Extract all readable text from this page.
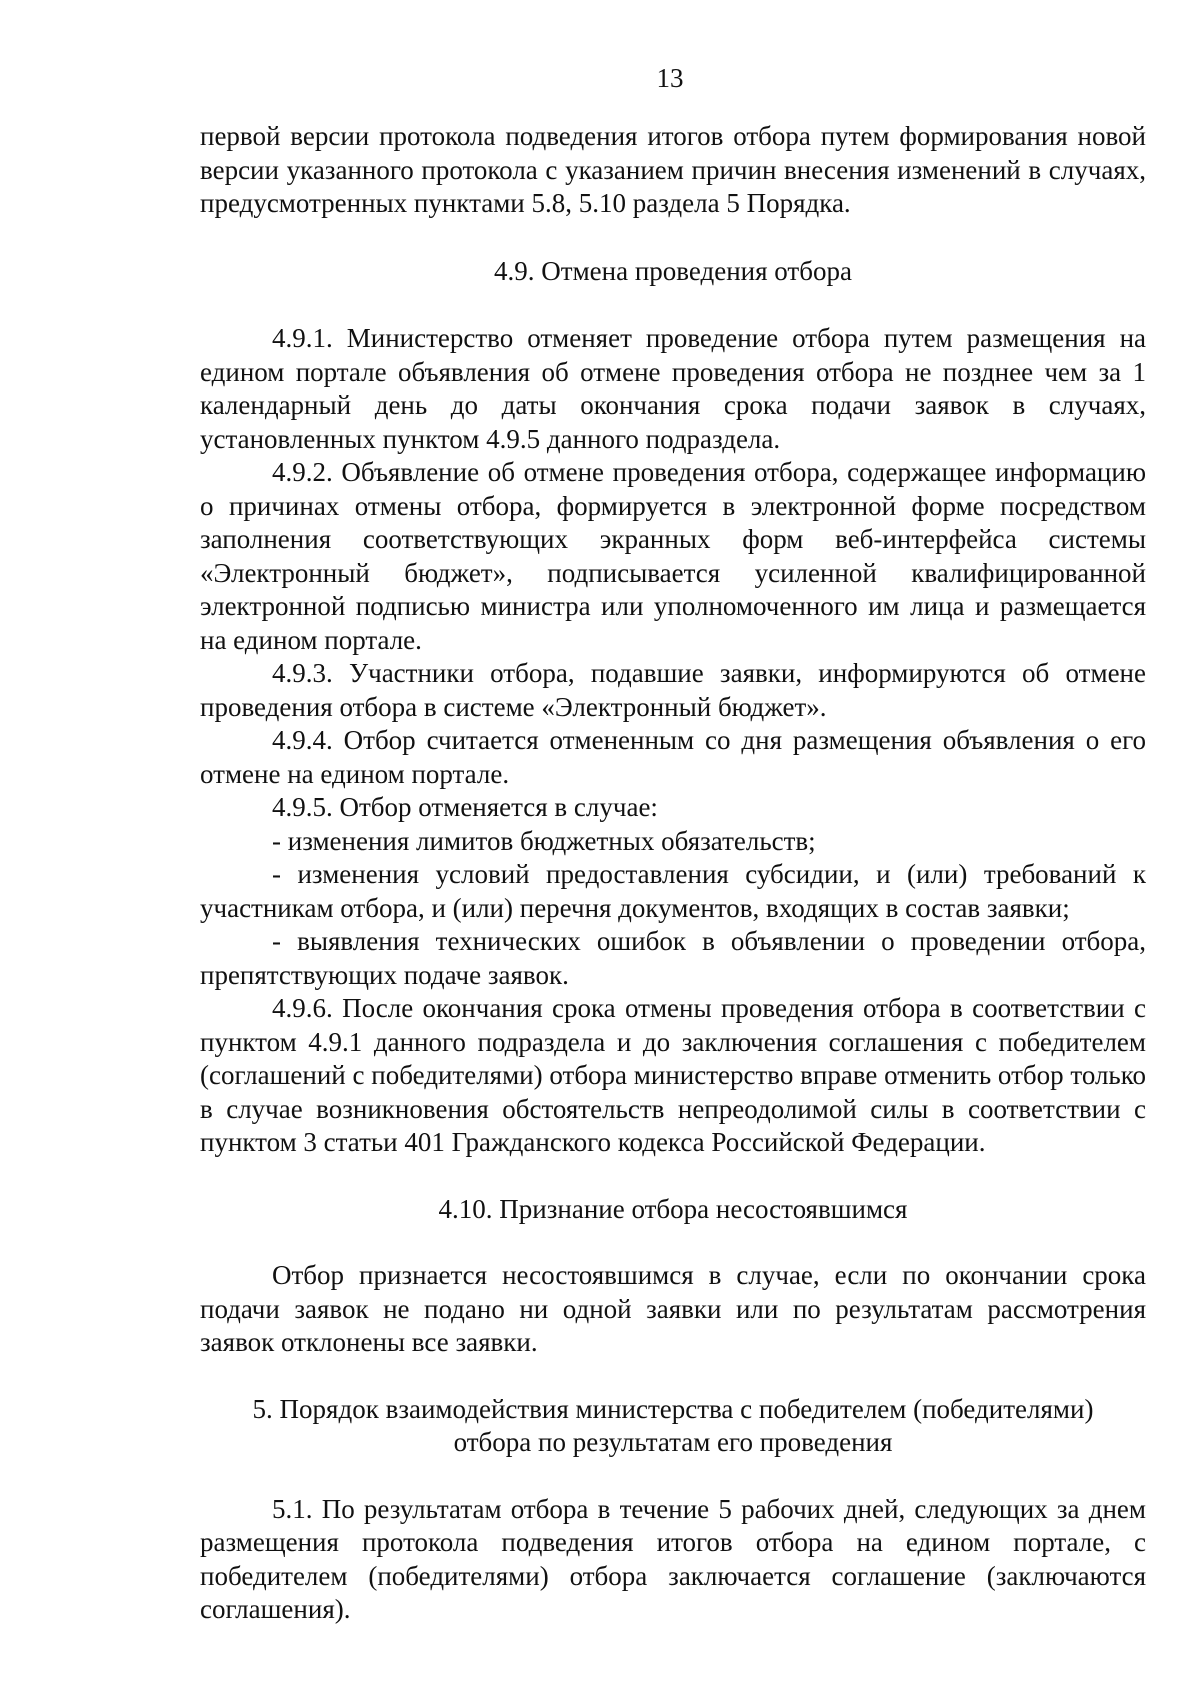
13

первой версии протокола подведения итогов отбора путем формирования новой версии указанного протокола с указанием причин внесения изменений в случаях, предусмотренных пунктами 5.8, 5.10 раздела 5 Порядка.

4.9. Отмена проведения отбора

4.9.1. Министерство отменяет проведение отбора путем размещения на едином портале объявления об отмене проведения отбора не позднее чем за 1 календарный день до даты окончания срока подачи заявок в случаях, установленных пунктом 4.9.5 данного подраздела.

4.9.2. Объявление об отмене проведения отбора, содержащее информацию о причинах отмены отбора, формируется в электронной форме посредством заполнения соответствующих экранных форм веб-интерфейса системы «Электронный бюджет», подписывается усиленной квалифицированной электронной подписью министра или уполномоченного им лица и размещается на едином портале.

4.9.3. Участники отбора, подавшие заявки, информируются об отмене проведения отбора в системе «Электронный бюджет».

4.9.4. Отбор считается отмененным со дня размещения объявления о его отмене на едином портале.

4.9.5. Отбор отменяется в случае:

- изменения лимитов бюджетных обязательств;

- изменения условий предоставления субсидии, и (или) требований к участникам отбора, и (или) перечня документов, входящих в состав заявки;

- выявления технических ошибок в объявлении о проведении отбора, препятствующих подаче заявок.

4.9.6. После окончания срока отмены проведения отбора в соответствии с пунктом 4.9.1 данного подраздела и до заключения соглашения с победителем (соглашений с победителями) отбора министерство вправе отменить отбор только в случае возникновения обстоятельств непреодолимой силы в соответствии с пунктом 3 статьи 401 Гражданского кодекса Российской Федерации.

4.10. Признание отбора несостоявшимся

Отбор признается несостоявшимся в случае, если по окончании срока подачи заявок не подано ни одной заявки или по результатам рассмотрения заявок отклонены все заявки.

5. Порядок взаимодействия министерства с победителем (победителями)

отбора по результатам его проведения

5.1. По результатам отбора в течение 5 рабочих дней, следующих за днем размещения протокола подведения итогов отбора на едином портале, с победителем (победителями) отбора заключается соглашение (заключаются соглашения).
